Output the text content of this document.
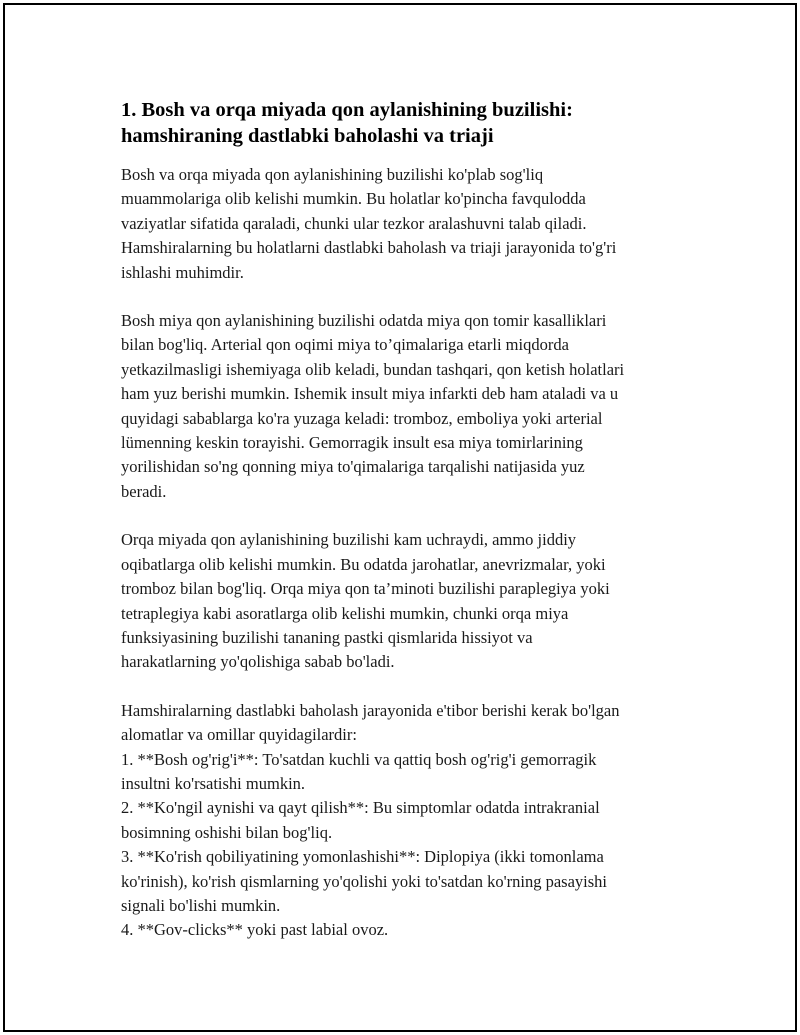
1. Bosh va orqa miyada qon aylanishining buzilishi:
hamshiraning dastlabki baholashi va triaji

Bosh va orqa miyada qon aylanishining buzilishi ko'plab sog'liq
muammolariga olib kelishi mumkin. Bu holatlar ko'pincha favqulodda
vaziyatlar sifatida qaraladi, chunki ular tezkor aralashuvni talab qiladi.
Hamshiralarning bu holatlarni dastlabki baholash va triaji jarayonida to'g'ri
ishlashi muhimdir.

Bosh miya qon aylanishining buzilishi odatda miya qon tomir kasalliklari
bilan bog'liq. Arterial qon oqimi miya to’qimalariga etarli miqdorda
yetkazilmasligi ishemiyaga olib keladi, bundan tashqari, qon ketish holatlari
ham yuz berishi mumkin. Ishemik insult miya infarkti deb ham ataladi va u
quyidagi sabablarga ko'ra yuzaga keladi: tromboz, emboliya yoki arterial
lümenning keskin torayishi. Gemorragik insult esa miya tomirlarining
yorilishidan so'ng qonning miya to'qimalariga tarqalishi natijasida yuz
beradi.

Orqa miyada qon aylanishining buzilishi kam uchraydi, ammo jiddiy
oqibatlarga olib kelishi mumkin. Bu odatda jarohatlar, anevrizmalar, yoki
tromboz bilan bog'liq. Orqa miya qon ta’minoti buzilishi paraplegiya yoki
tetraplegiya kabi asoratlarga olib kelishi mumkin, chunki orqa miya
funksiyasining buzilishi tananing pastki qismlarida hissiyot va
harakatlarning yo'qolishiga sabab bo'ladi.

Hamshiralarning dastlabki baholash jarayonida e'tibor berishi kerak bo'lgan
alomatlar va omillar quyidagilardir:
1. **Bosh og'rig'i**: To'satdan kuchli va qattiq bosh og'rig'i gemorragik
insultni ko'rsatishi mumkin.
2. **Ko'ngil aynishi va qayt qilish**: Bu simptomlar odatda intrakranial
bosimning oshishi bilan bog'liq.
3. **Ko'rish qobiliyatining yomonlashishi**: Diplopiya (ikki tomonlama
ko'rinish), ko'rish qismlarning yo'qolishi yoki to'satdan ko'rning pasayishi
signali bo'lishi mumkin.
4. **Gov-clicks** yoki past labial ovoz.
